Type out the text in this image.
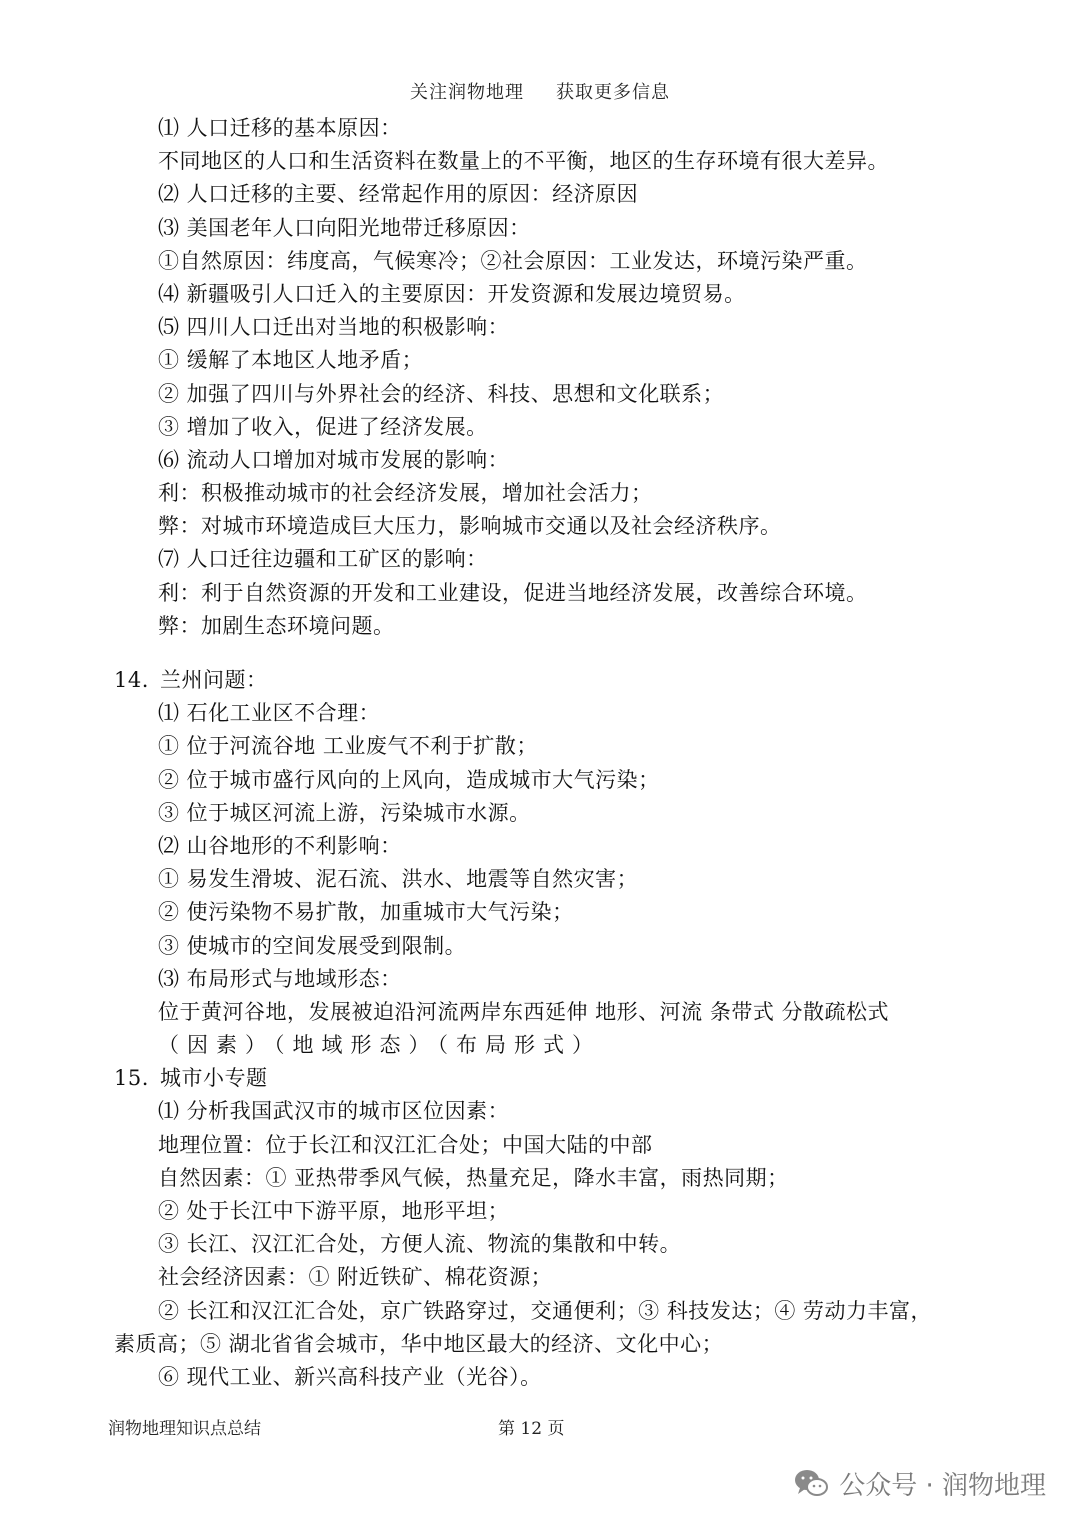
关注润物地理 获取更多信息
⑴ 人口迁移的基本原因：
不同地区的人口和生活资料在数量上的不平衡，地区的生存环境有很大差异。
⑵ 人口迁移的主要、经常起作用的原因：经济原因
⑶ 美国老年人口向阳光地带迁移原因：
①自然原因：纬度高，气候寒冷；②社会原因：工业发达，环境污染严重。
⑷ 新疆吸引人口迁入的主要原因：开发资源和发展边境贸易。
⑸ 四川人口迁出对当地的积极影响：
① 缓解了本地区人地矛盾；
② 加强了四川与外界社会的经济、科技、思想和文化联系；
③ 增加了收入，促进了经济发展。
⑹ 流动人口增加对城市发展的影响：
利：积极推动城市的社会经济发展，增加社会活力；
弊：对城市环境造成巨大压力，影响城市交通以及社会经济秩序。
⑺ 人口迁往边疆和工矿区的影响：
利：利于自然资源的开发和工业建设，促进当地经济发展，改善综合环境。
弊：加剧生态环境问题。
14. 兰州问题：
⑴ 石化工业区不合理：
① 位于河流谷地 工业废气不利于扩散；
② 位于城市盛行风向的上风向，造成城市大气污染；
③ 位于城区河流上游，污染城市水源。
⑵ 山谷地形的不利影响：
① 易发生滑坡、泥石流、洪水、地震等自然灾害；
② 使污染物不易扩散，加重城市大气污染；
③ 使城市的空间发展受到限制。
⑶ 布局形式与地域形态：
位于黄河谷地，发展被迫沿河流两岸东西延伸 地形、河流 条带式 分散疏松式
（因素）（地域形态）（布局形式）
15. 城市小专题
⑴ 分析我国武汉市的城市区位因素：
地理位置：位于长江和汉江汇合处；中国大陆的中部
自然因素：① 亚热带季风气候，热量充足，降水丰富，雨热同期；
② 处于长江中下游平原，地形平坦；
③ 长江、汉江汇合处，方便人流、物流的集散和中转。
社会经济因素：① 附近铁矿、棉花资源；
② 长江和汉江汇合处，京广铁路穿过，交通便利；③ 科技发达；④ 劳动力丰富，
素质高；⑤ 湖北省省会城市，华中地区最大的经济、文化中心；
⑥ 现代工业、新兴高科技产业（光谷）。
润物地理知识点总结	第 12 页
公众号 · 润物地理
